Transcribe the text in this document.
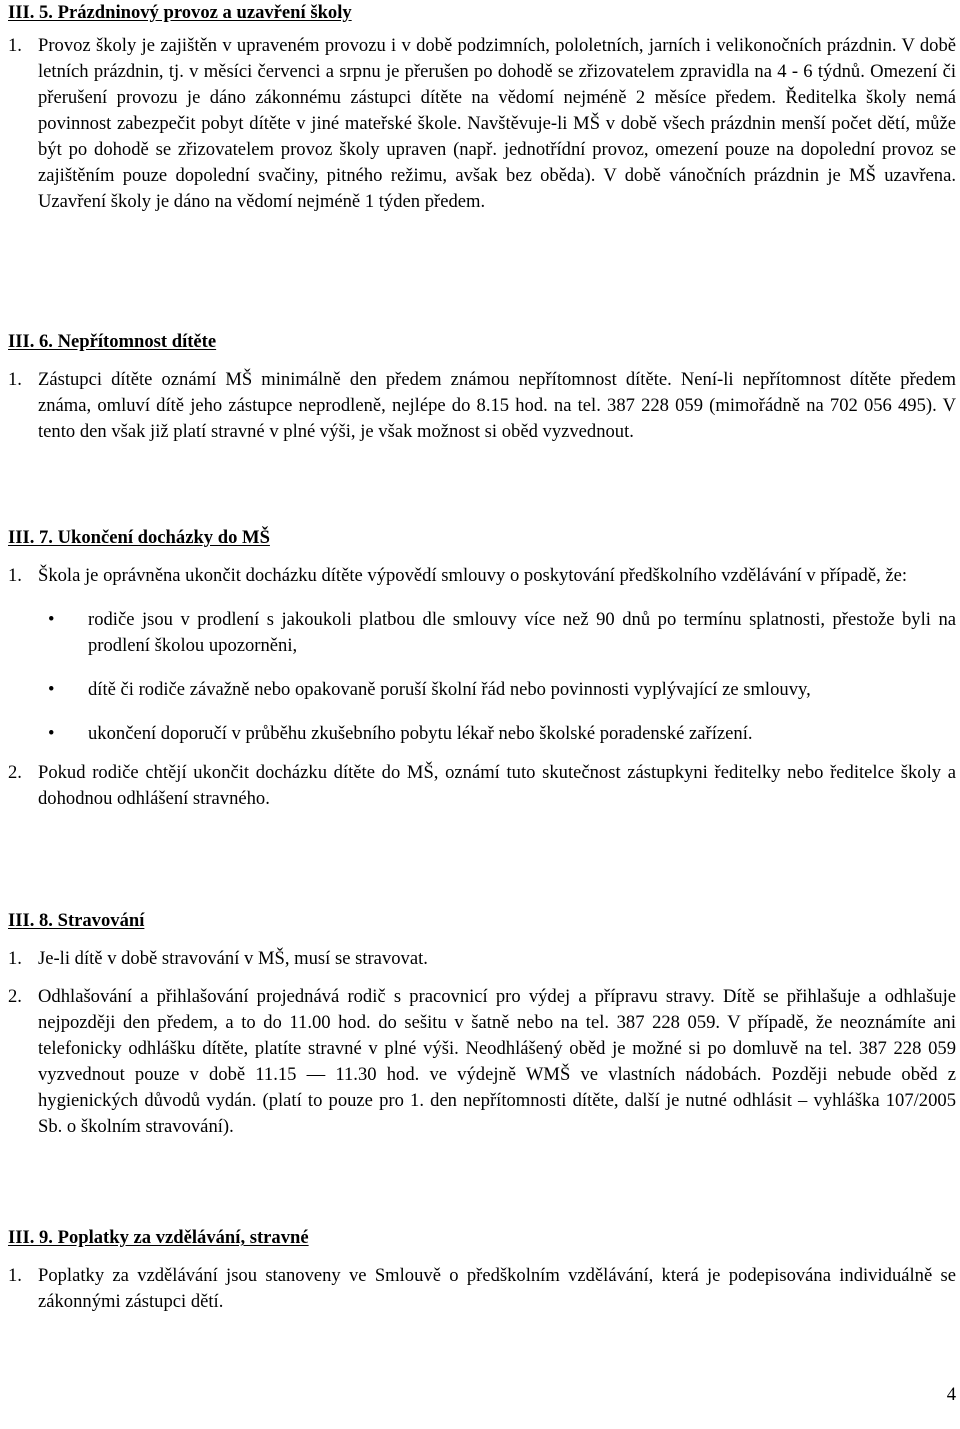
III. 5. Prázdninový provoz a uzavření školy
1. Provoz školy je zajištěn v upraveném provozu i v době podzimních, pololetních, jarních i velikonočních prázdnin. V době letních prázdnin, tj. v měsíci červenci a srpnu je přerušen po dohodě se zřizovatelem zpravidla na 4 - 6 týdnů. Omezení či přerušení provozu je dáno zákonnému zástupci dítěte na vědomí nejméně 2 měsíce předem. Ředitelka školy nemá povinnost zabezpečit pobyt dítěte v jiné mateřské škole. Navštěvuje-li MŠ v době všech prázdnin menší počet dětí, může být po dohodě se zřizovatelem provoz školy upraven (např. jednotřídní provoz, omezení pouze na dopolední provoz se zajištěním pouze dopolední svačiny, pitného režimu, avšak bez oběda). V době vánočních prázdnin je MŠ uzavřena. Uzavření školy je dáno na vědomí nejméně 1 týden předem.
III. 6. Nepřítomnost dítěte
1. Zástupci dítěte oznámí MŠ minimálně den předem známou nepřítomnost dítěte. Není-li nepřítomnost dítěte předem známa, omluví dítě jeho zástupce neprodleně, nejlépe do 8.15 hod. na tel. 387 228 059 (mimořádně na 702 056 495). V tento den však již platí stravné v plné výši, je však možnost si oběd vyzvednout.
III. 7. Ukončení docházky do MŠ
1. Škola je oprávněna ukončit docházku dítěte výpovědí smlouvy o poskytování předškolního vzdělávání v případě, že:
•	rodiče jsou v prodlení s jakoukoli platbou dle smlouvy více než 90 dnů po termínu splatnosti, přestože byli na prodlení školou upozorněni,
•	dítě či rodiče závažně nebo opakovaně poruší školní řád nebo povinnosti vyplývající ze smlouvy,
•	ukončení doporučí v průběhu zkušebního pobytu lékař nebo školské poradenské zařízení.
2. Pokud rodiče chtějí ukončit docházku dítěte do MŠ, oznámí tuto skutečnost zástupkyni ředitelky nebo ředitelce školy a dohodnou odhlášení stravného.
III. 8. Stravování
1. Je-li dítě v době stravování v MŠ, musí se stravovat.
2. Odhlašování a přihlašování projednává rodič s pracovnicí pro výdej a přípravu stravy. Dítě se přihlašuje a odhlašuje nejpozději den předem, a to do 11.00 hod. do sešitu v šatně nebo na tel. 387 228 059. V případě, že neoznámíte ani telefonicky odhlášku dítěte, platíte stravné v plné výši. Neodhlášený oběd je možné si po domluvě na tel. 387 228 059 vyzvednout pouze v době 11.15 — 11.30 hod. ve výdejně WMŠ ve vlastních nádobách. Později nebude oběd z hygienických důvodů vydán. (platí to pouze pro 1. den nepřítomnosti dítěte, další je nutné odhlásit – vyhláška 107/2005 Sb. o školním stravování).
III. 9. Poplatky za vzdělávání, stravné
1. Poplatky za vzdělávání jsou stanoveny ve Smlouvě o předškolním vzdělávání, která je podepisována individuálně se zákonnými zástupci dětí.
4
